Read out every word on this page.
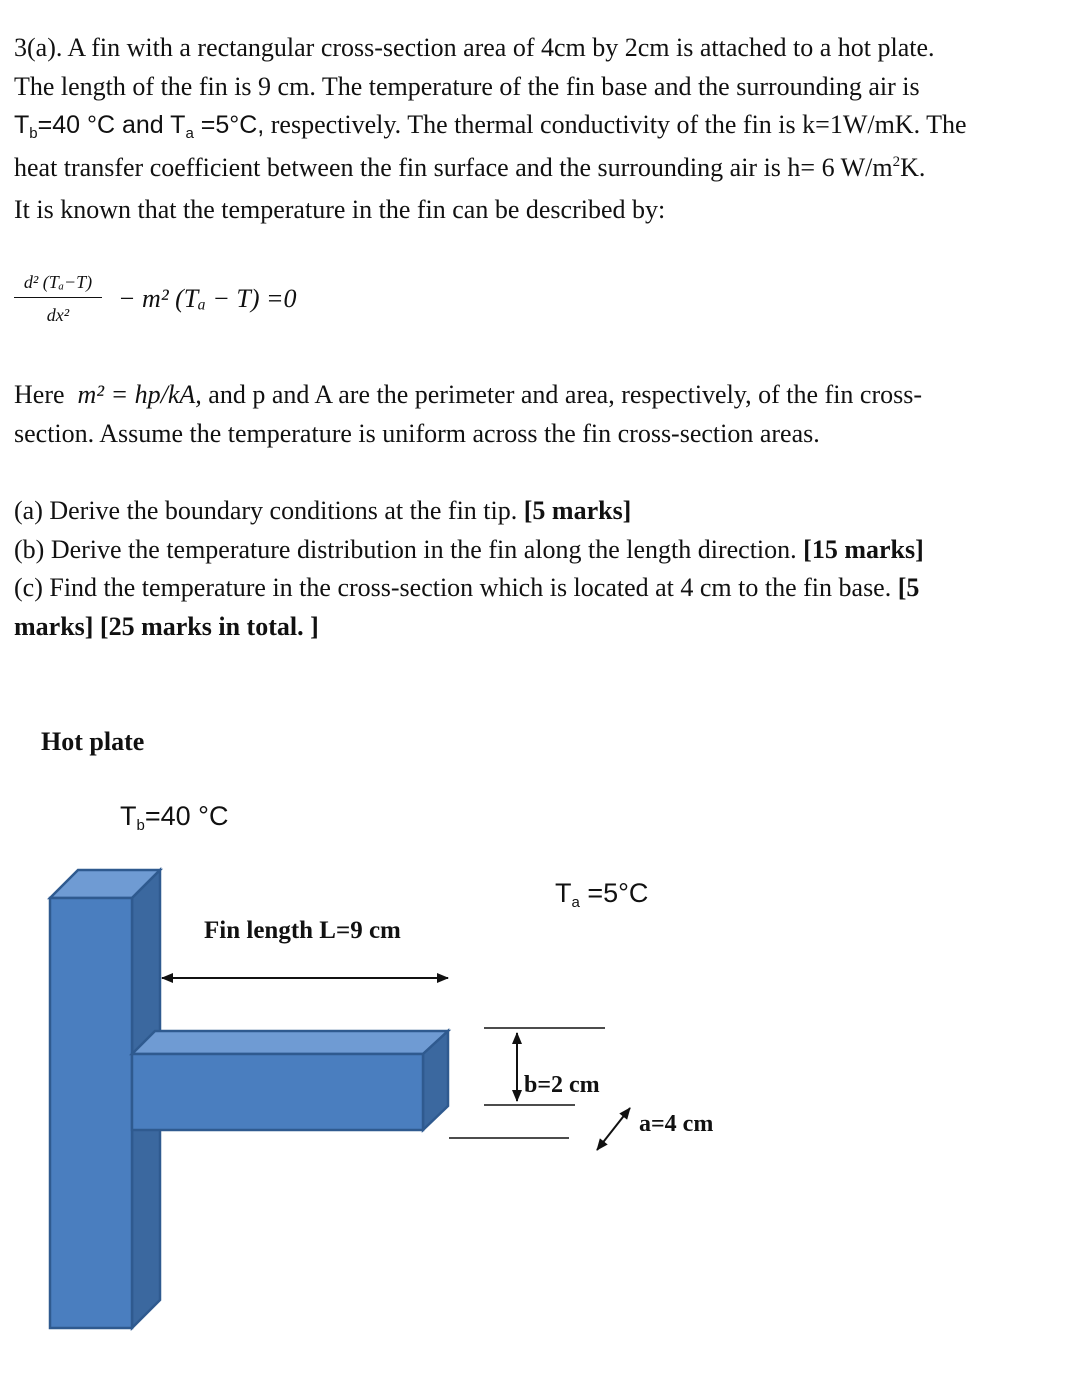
3(a). A fin with a rectangular cross-section area of 4cm by 2cm is attached to a hot plate.
The length of the fin is 9 cm. The temperature of the fin base and the surrounding air is
$T_b=40$ °C and $T_a =5^\circ C$, respectively. The thermal conductivity of the fin is k=1W/mK. The
heat transfer coefficient between the fin surface and the surrounding air is h= 6 $W/m^2K$.
It is known that the temperature in the fin can be described by:
d² (Tₐ−T)
dx²
− m² (Tₐ − T) =0
Here m² = hp/kA, and p and A are the perimeter and area, respectively, of the fin cross-
section. Assume the temperature is uniform across the fin cross-section areas.
(a) Derive the boundary conditions at the fin tip. [5 marks]
(b) Derive the temperature distribution in the fin along the length direction. [15 marks]
(c) Find the temperature in the cross-section which is located at 4 cm to the fin base. [5
marks] [25 marks in total. ]
Hot plate
Tb=40 °C
Ta =5°C
Fin length L=9 cm
b=2 cm
a=4 cm
